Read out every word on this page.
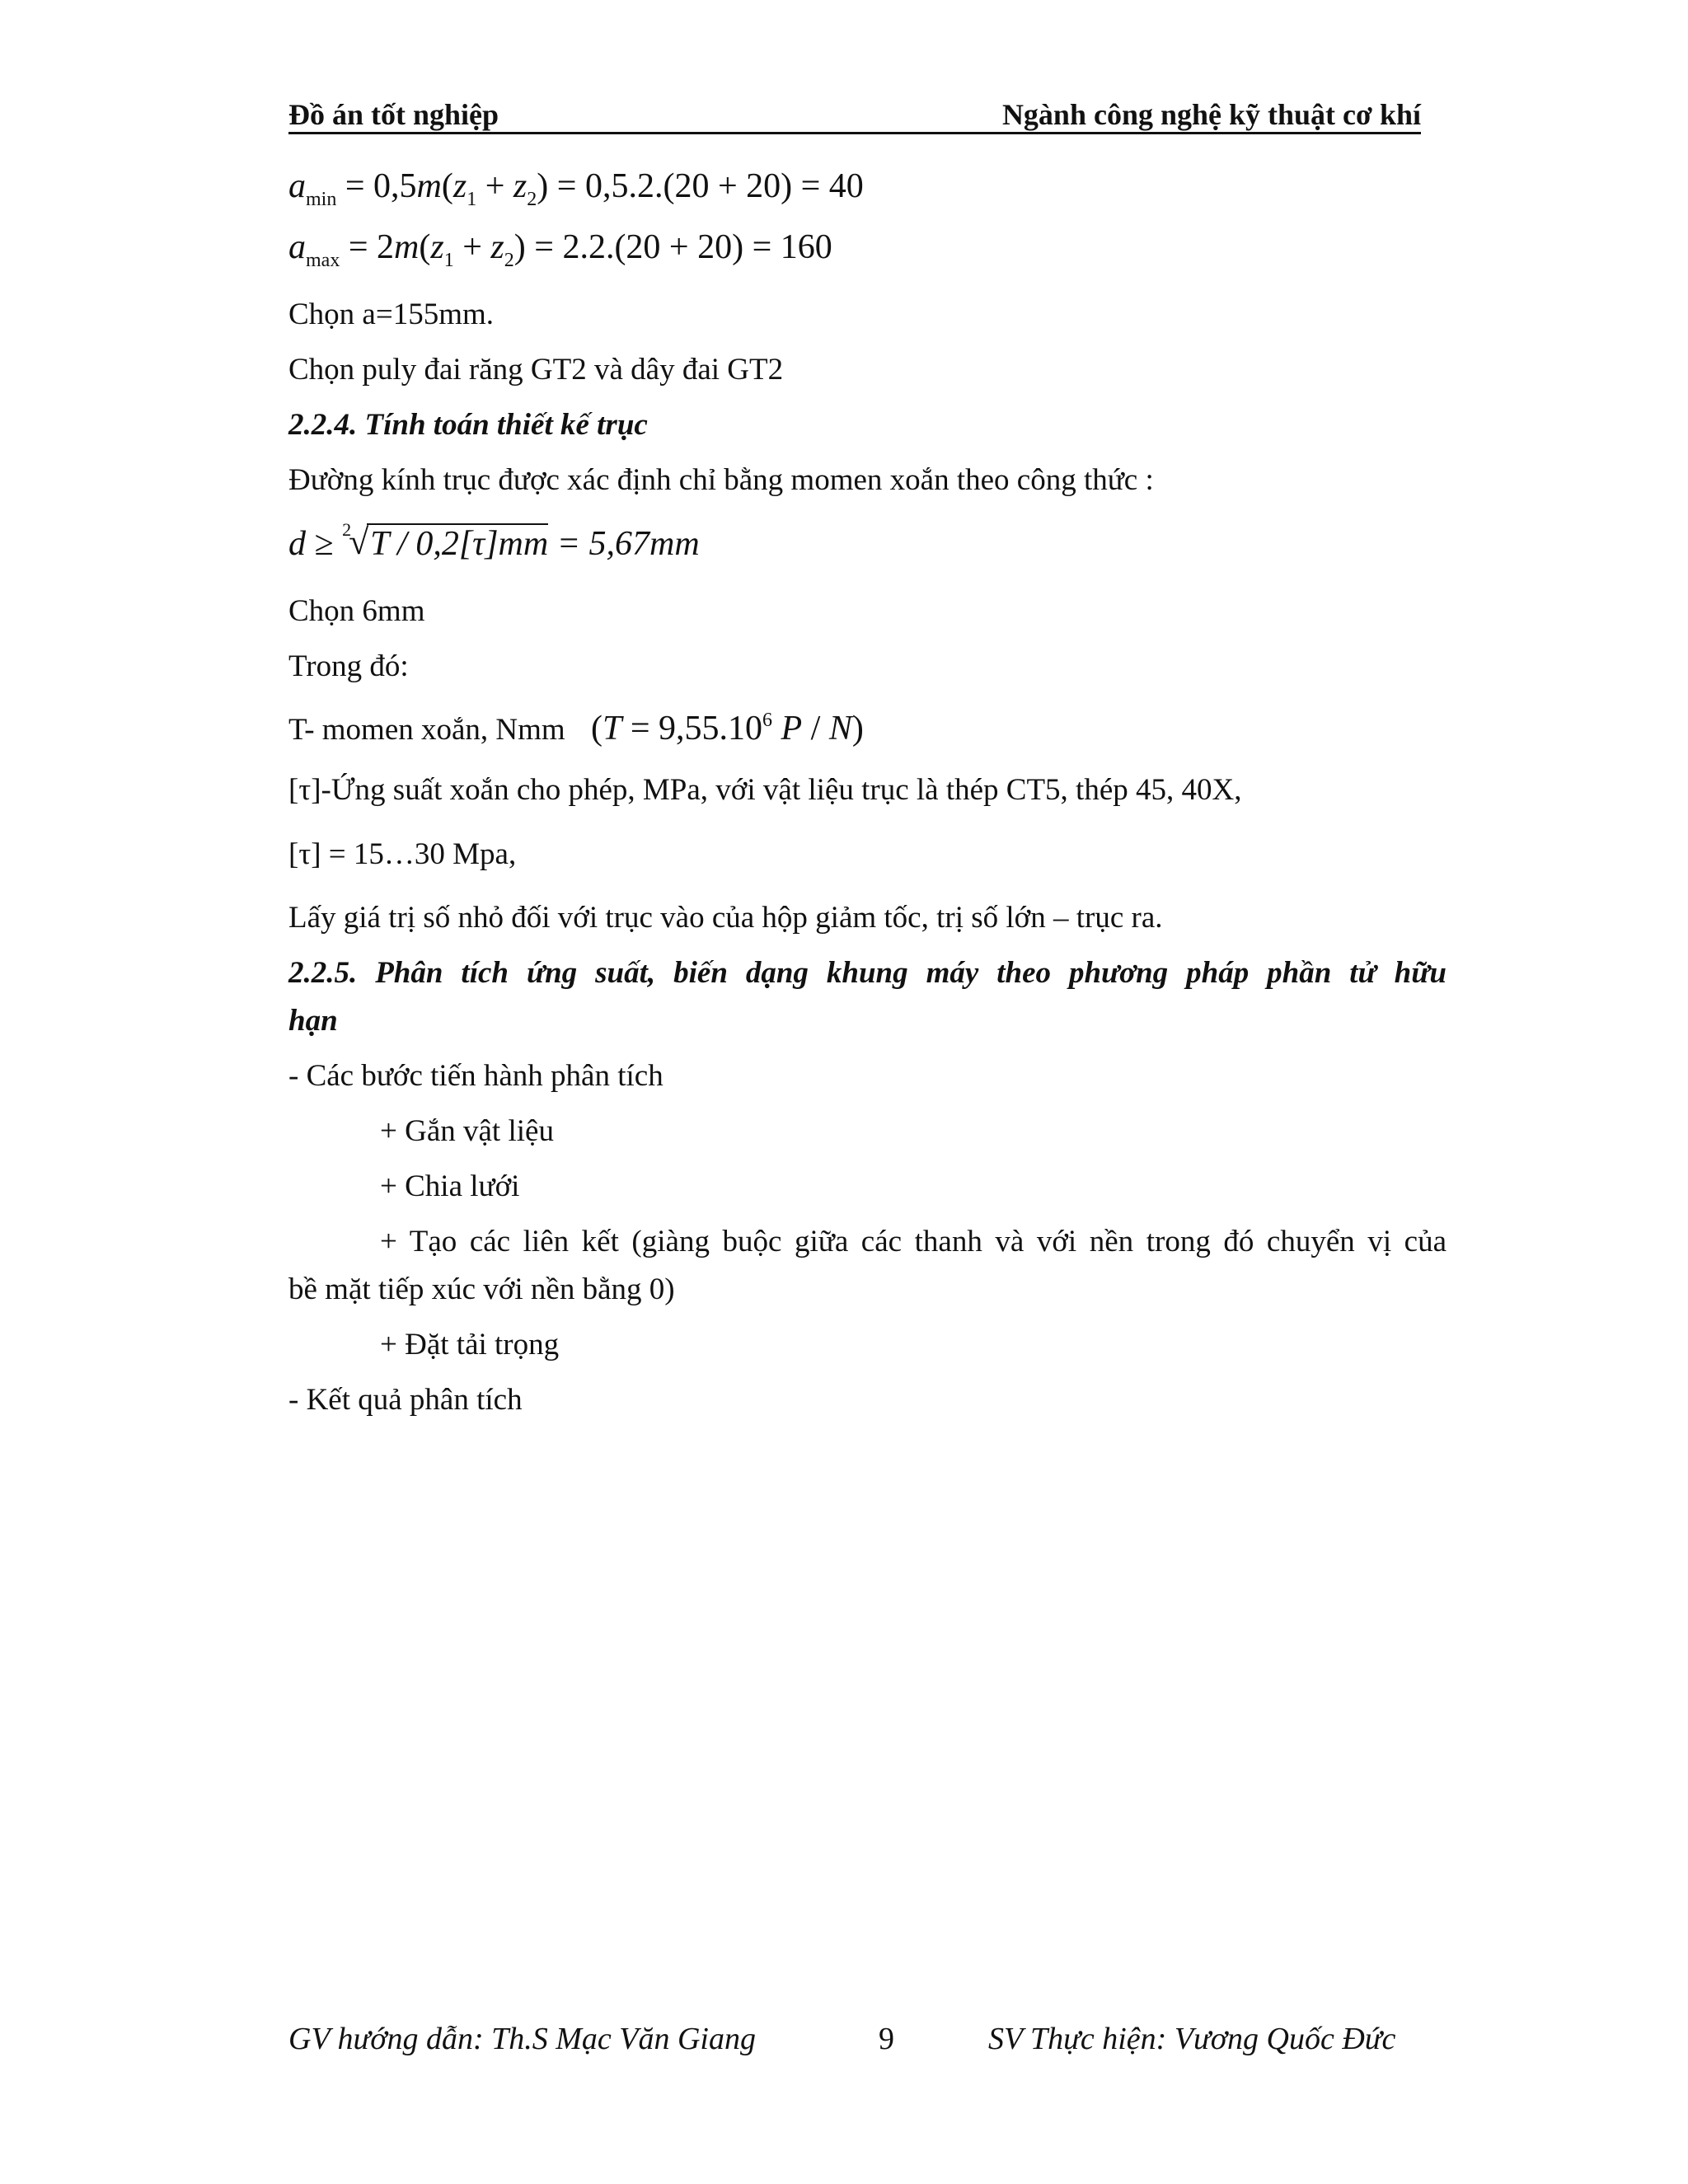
Đồ án tốt nghiệp	Ngành công nghệ kỹ thuật cơ khí
$a_{min} = 0,5m(z_1 + z_2) = 0,5.2.(20 + 20) = 40$
$a_{max} = 2m(z_1 + z_2) = 2.2.(20 + 20) = 160$
Chọn a=155mm.
Chọn puly đai răng GT2 và dây đai GT2
2.2.4. Tính toán thiết kế trục
Đường kính trục được xác định chỉ bằng momen xoắn theo công thức :
d ≥ 2
√ T / 0,2[τ]mm = 5,67mm
Chọn 6mm
Trong đó:
T- momen xoắn, Nmm ($T = 9,55.10^6$ P / N)
[τ]-Ứng suất xoắn cho phép, MPa, với vật liệu trục là thép CT5, thép 45, 40X,
[τ] = 15…30 Mpa,
Lấy giá trị số nhỏ đối với trục vào của hộp giảm tốc, trị số lớn – trục ra.
2.2.5. Phân tích ứng suất, biến dạng khung máy theo phương pháp phần tử hữu
hạn
- Các bước tiến hành phân tích
+ Gắn vật liệu
+ Chia lưới
+ Tạo các liên kết (giàng buộc giữa các thanh và với nền trong đó chuyển vị của
bề mặt tiếp xúc với nền bằng 0)
+ Đặt tải trọng
- Kết quả phân tích
GV hướng dẫn: Th.S Mạc Văn Giang	9	SV Thực hiện: Vương Quốc Đức
